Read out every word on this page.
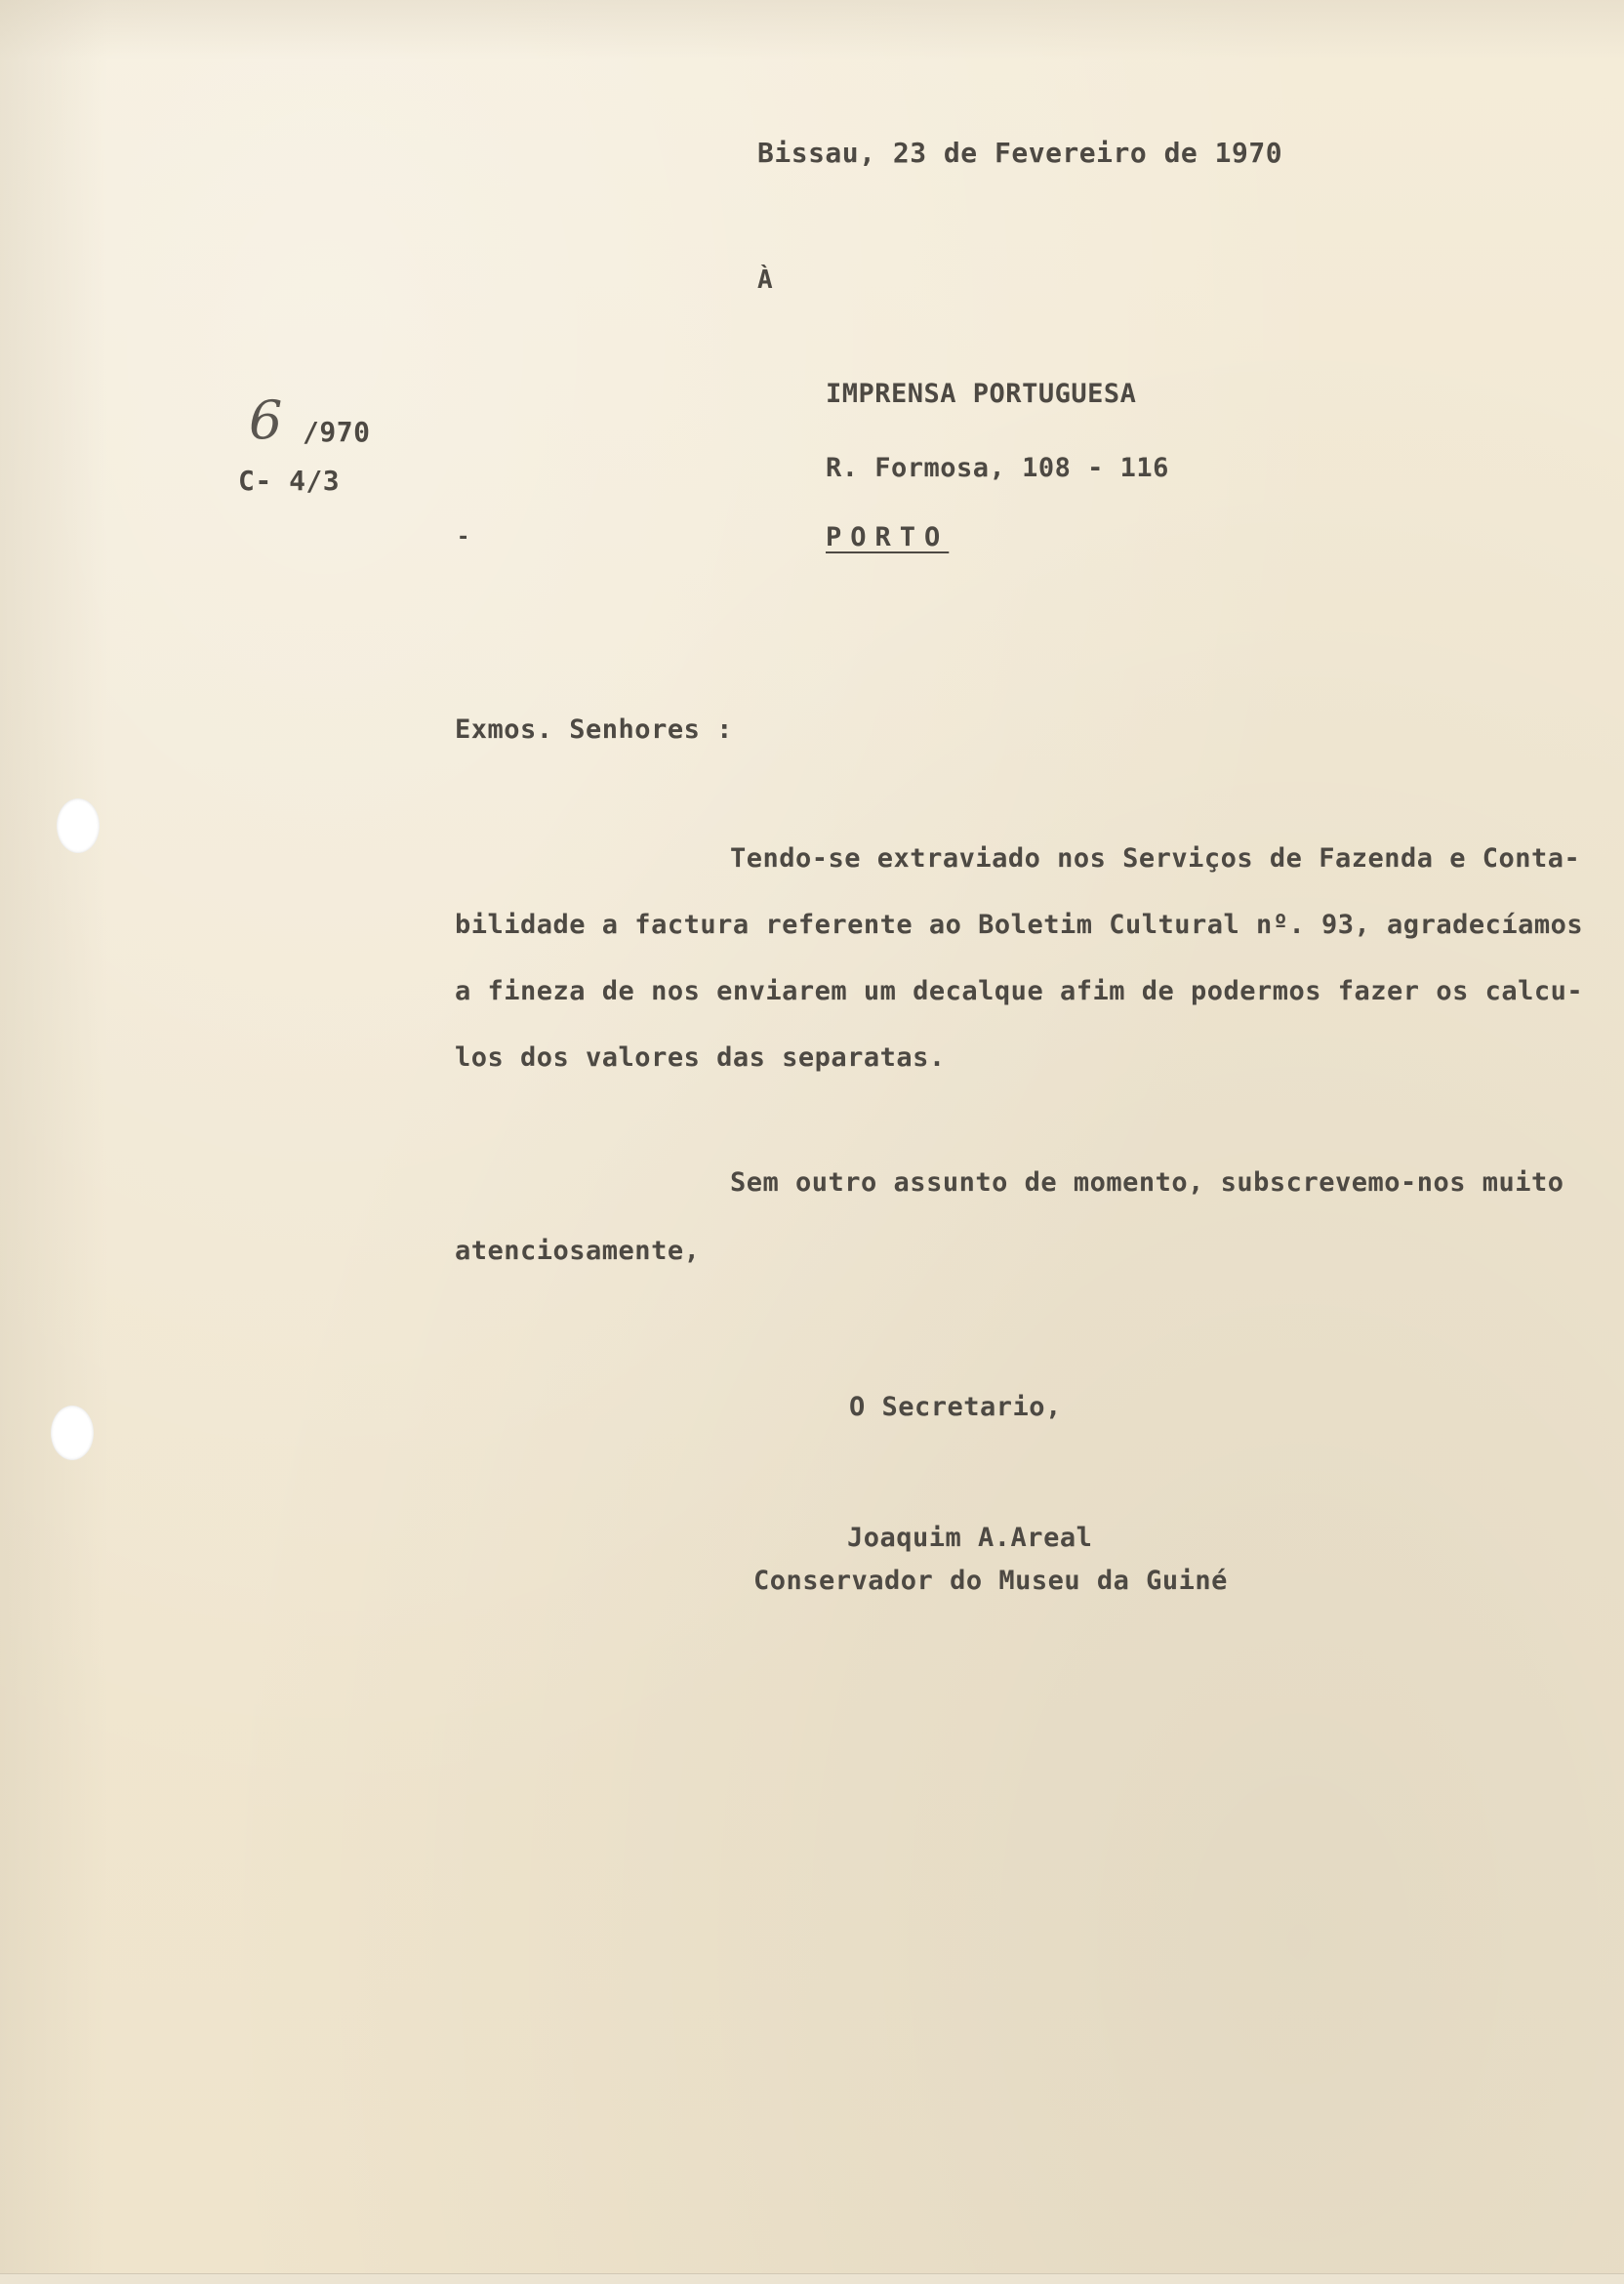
Bissau, 23 de Fevereiro de 1970
À
IMPRENSA PORTUGUESA
R. Formosa, 108 - 116
PORTO
-
6 /970
C- 4/3
Exmos. Senhores :
Tendo-se extraviado nos Serviços de Fazenda e Conta-
bilidade a factura referente ao Boletim Cultural nº. 93, agradecíamos
a fineza de nos enviarem um decalque afim de podermos fazer os calcu-
los dos valores das separatas.
Sem outro assunto de momento, subscrevemo-nos muito
atenciosamente,
O Secretario,
Joaquim A.Areal
Conservador do Museu da Guiné
